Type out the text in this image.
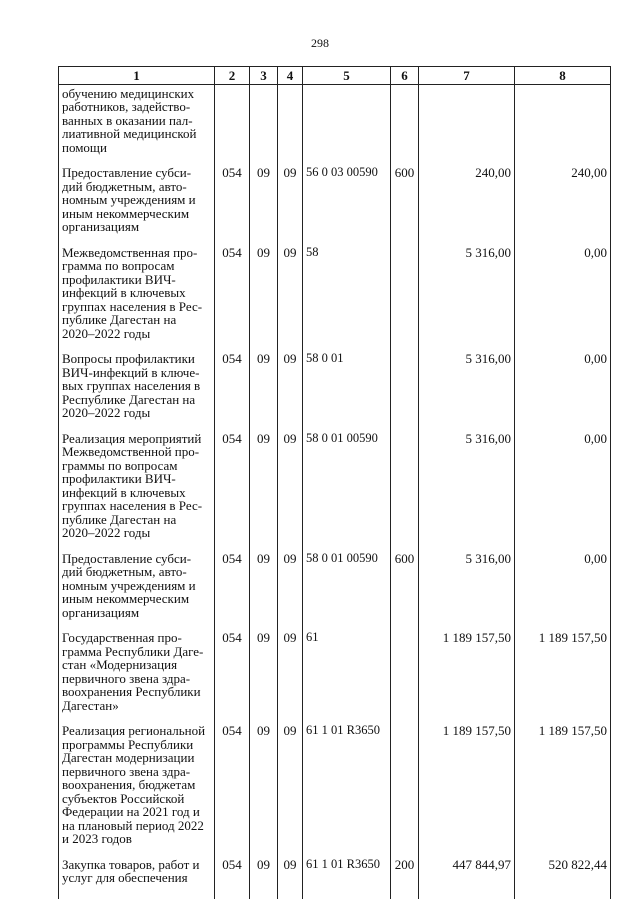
298
1	2	3	4	5	6	7	8
обучению медицинских работников, задейство-ванных в оказании пал-лиативной медицинской помощи							
Предоставление субси-дий бюджетным, авто-номным учреждениям и иным некоммерческим организациям	054	09	09	56 0 03 00590	600	240,00	240,00
Межведомственная про-грамма по вопросам профилактики ВИЧ-инфекций в ключевых группах населения в Рес-публике Дагестан на 2020–2022 годы	054	09	09	58		5 316,00	0,00
Вопросы профилактики ВИЧ-инфекций в ключе-вых группах населения в Республике Дагестан на 2020–2022 годы	054	09	09	58 0 01		5 316,00	0,00
Реализация мероприятий Межведомственной про-граммы по вопросам профилактики ВИЧ-инфекций в ключевых группах населения в Рес-публике Дагестан на 2020–2022 годы	054	09	09	58 0 01 00590		5 316,00	0,00
Предоставление субси-дий бюджетным, авто-номным учреждениям и иным некоммерческим организациям	054	09	09	58 0 01 00590	600	5 316,00	0,00
Государственная про-грамма Республики Даге-стан «Модернизация первичного звена здра-воохранения Республики Дагестан»	054	09	09	61		1 189 157,50	1 189 157,50
Реализация региональной программы Республики Дагестан модернизации первичного звена здра-воохранения, бюджетам субъектов Российской Федерации на 2021 год и на плановый период 2022 и 2023 годов	054	09	09	61 1 01 R3650		1 189 157,50	1 189 157,50
Закупка товаров, работ и услуг для обеспечения	054	09	09	61 1 01 R3650	200	447 844,97	520 822,44
